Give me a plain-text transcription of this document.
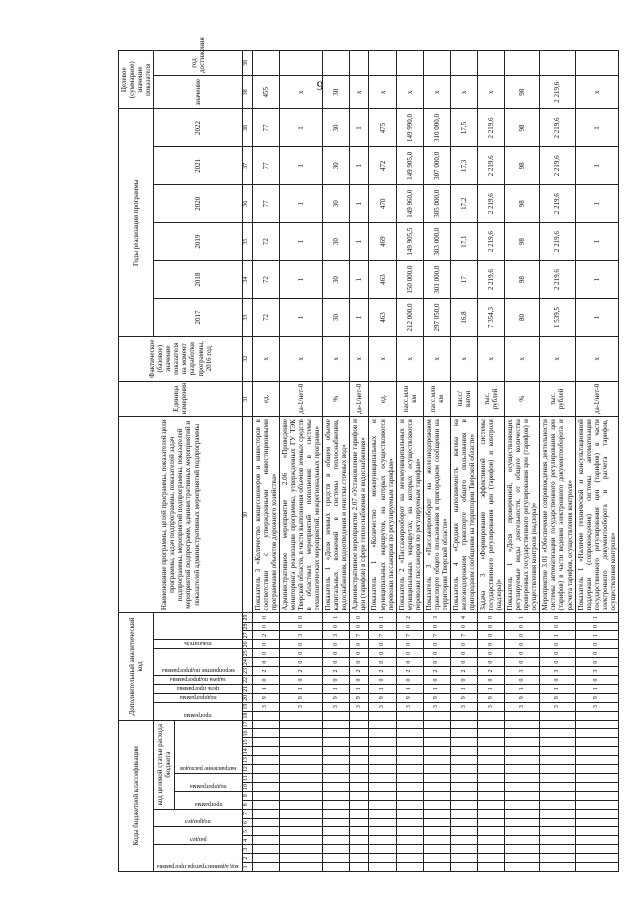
9
Коды бюджетной классификации																	Дополнительный аналитический код												Наименование программы, целей программы, показателей цели программы, задач подпрограммы, показателей задач подпрограммы, мероприятий подпрограммы, показателей мероприятий подпрограмм, административных мероприятий и показателей административных мероприятий подпрограммы	Единица измерения	Фактическое (базовое) значение показателя на момент разработки программы, 2016 год	Годы реализации программы						Целевое (суммарное) значение показателя	

код администратора программы			раздел		подраздел		код целевой статьи расхода бюджета										программа		подпрограмма	цель программы	задача подпрограммы	мероприятие подпрограммы			показатель							2017	2018	2019	2020	2021	2022	значение	год достижения

							программа		подпрограмма		направление расходов																												

1	2	3	4	5	6	7	8	9	10	11	12	13	14	15	16	17	18	19	20	21	22	23	24	25	26	27	28	29	30	31	32	33	34	35	36	37	38	38	38
																		3	9	1	0	2	0	0	0	2	0	0	Показатель 3 «Количество концессионеров и инвесторов в соответствии с утвержденными инвестиционными программами объектов дорожного хозяйства»	ед.	x	72	72	72	77	77	77	455	
																		3	9	1	0	2	0	0	0	3	0	0	Административное мероприятие 2.06 «Проведение мониторинга реализации программы, утвержденных ГУ ТЭК Тверской области, в части выполнения объемов земных средств в областных мероприятий пополнения в системы технологических мероприятий, межрегиональных программ»	да-1/нет-0	x	1	1	1	1	1	1	x	
																		3	9	1	0	2	0	0	0	3	0	1	Показатель 1 «Доля земных средств в общем объеме капитальных вложений в системы теплоснабжения, водоснабжения, водоотведения и очистки сточных вод»	%	x	30	30	30	30	30	30	30	
																		3	9	1	0	2	0	0	0	7	0	0	Административное мероприятие 2.07 «Установление тарифов и цен (тарифов) в сфере теплоснабжения и водоснабжения»	да-1/нет-0	x	1	1	1	1	1	1	x	
																		3	9	1	0	2	0	0	0	7	0	1	Показатель 1 «Количество межмуниципальных и муниципальных маршрутов, на которых осуществляются перевозки пассажиров по регулируемым тарифам»	ед.	x	463	463	469	470	472	475	x	
																		3	9	1	0	2	0	0	0	7	0	2	Показатель 2 «Пассажирооборот на межмуниципальных и муниципальных маршрутах, на которых осуществляются перевозки пассажиров по регулируемым тарифам»	пасс.млн км	x	212 000,0	150 000,0	149 905,5	149 960,0	149 905,0	149 990,0	x	
																		3	9	1	0	2	0	0	0	7	0	3	Показатель 3 «Пассажирооборот на железнодорожном транспорте общего пользования в пригородном сообщении на территории Тверской области»	пасс.млн км	x	297 050,0	301 000,0	303 000,0	305 000,0	307 000,0	310 000,0	x	
																		3	9	1	0	2	0	0	0	7	0	4	Показатель 4 «Средняя наполняемость вагона на железнодорожном транспорте общего пользования в пригородном сообщении на территории Тверской области»	пасс/вагон	x	16,8	17	17,1	17,2	17,3	17,5	x	
																		3	9	1	0	2	0	0	0	0	0	0	Задача 3 «Формирование эффективной системы государственного регулирования цен (тарифов) и контроля (надзора)»	тыс. рублей	x	7 354,3	2 219,6	2 219,6	2 219,6	2 219,6	2 219,6	x	
																		3	9	1	0	3	0	0	0	0	0	1	Показатель 1 «Доля проверенной, осуществляющих регулируемые виды деятельности, от общего количества проверенных государственного регулирования цен (тарифов) и осуществления контроля (надзора)»	%	x	80	98	98	98	98	98	98	
																		3	9	1	0	3	0	0	0	1	0	0	Мероприятие 3.01 «Обеспечение сопровождения деятельности системы автоматизации государственного регулирования цен (тарифов) в части ведения электронного документооборота и расчета тарифов, осуществления контроля»	тыс. рублей	x	1 539,5	2 219,6	2 219,6	2 219,6	2 219,6	2 219,6	2 219,6	
																		3	9	1	0	3	0	0	0	1	0	1	Показатель 1 «Наличие технической и консультационной поддержки (сопровождения) системы автоматизации государственного регулирования цен (тарифов) в части электронного документооборота и расчета тарифов, осуществления контроля»	да-1/нет-0	x	1	1	1	1	1	1	x	
